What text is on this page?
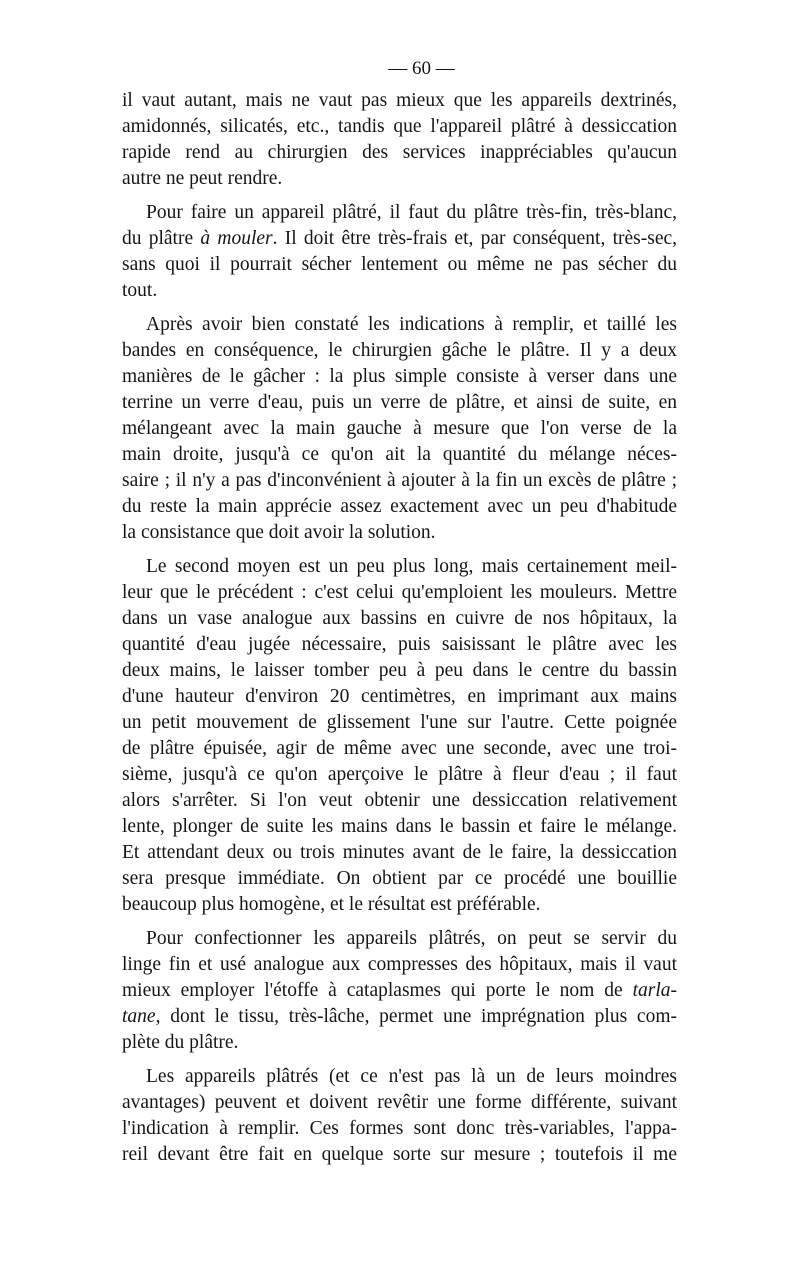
— 60 —
il vaut autant, mais ne vaut pas mieux que les appareils dextrinés,
amidonnés, silicatés, etc., tandis que l'appareil plâtré à dessiccation
rapide rend au chirurgien des services inappréciables qu'aucun
autre ne peut rendre.
Pour faire un appareil plâtré, il faut du plâtre très-fin, très-blanc,
du plâtre à mouler. Il doit être très-frais et, par conséquent, très-sec,
sans quoi il pourrait sécher lentement ou même ne pas sécher du
tout.
Après avoir bien constaté les indications à remplir, et taillé les
bandes en conséquence, le chirurgien gâche le plâtre. Il y a deux
manières de le gâcher : la plus simple consiste à verser dans une
terrine un verre d'eau, puis un verre de plâtre, et ainsi de suite, en
mélangeant avec la main gauche à mesure que l'on verse de la
main droite, jusqu'à ce qu'on ait la quantité du mélange néces-
saire ; il n'y a pas d'inconvénient à ajouter à la fin un excès de plâtre ;
du reste la main apprécie assez exactement avec un peu d'habitude
la consistance que doit avoir la solution.
Le second moyen est un peu plus long, mais certainement meil-
leur que le précédent : c'est celui qu'emploient les mouleurs. Mettre
dans un vase analogue aux bassins en cuivre de nos hôpitaux, la
quantité d'eau jugée nécessaire, puis saisissant le plâtre avec les
deux mains, le laisser tomber peu à peu dans le centre du bassin
d'une hauteur d'environ 20 centimètres, en imprimant aux mains
un petit mouvement de glissement l'une sur l'autre. Cette poignée
de plâtre épuisée, agir de même avec une seconde, avec une troi-
sième, jusqu'à ce qu'on aperçoive le plâtre à fleur d'eau ; il faut
alors s'arrêter. Si l'on veut obtenir une dessiccation relativement
lente, plonger de suite les mains dans le bassin et faire le mélange.
Et attendant deux ou trois minutes avant de le faire, la dessiccation
sera presque immédiate. On obtient par ce procédé une bouillie
beaucoup plus homogène, et le résultat est préférable.
Pour confectionner les appareils plâtrés, on peut se servir du
linge fin et usé analogue aux compresses des hôpitaux, mais il vaut
mieux employer l'étoffe à cataplasmes qui porte le nom de tarla-
tane, dont le tissu, très-lâche, permet une imprégnation plus com-
plète du plâtre.
Les appareils plâtrés (et ce n'est pas là un de leurs moindres
avantages) peuvent et doivent revêtir une forme différente, suivant
l'indication à remplir. Ces formes sont donc très-variables, l'appa-
reil devant être fait en quelque sorte sur mesure ; toutefois il me
